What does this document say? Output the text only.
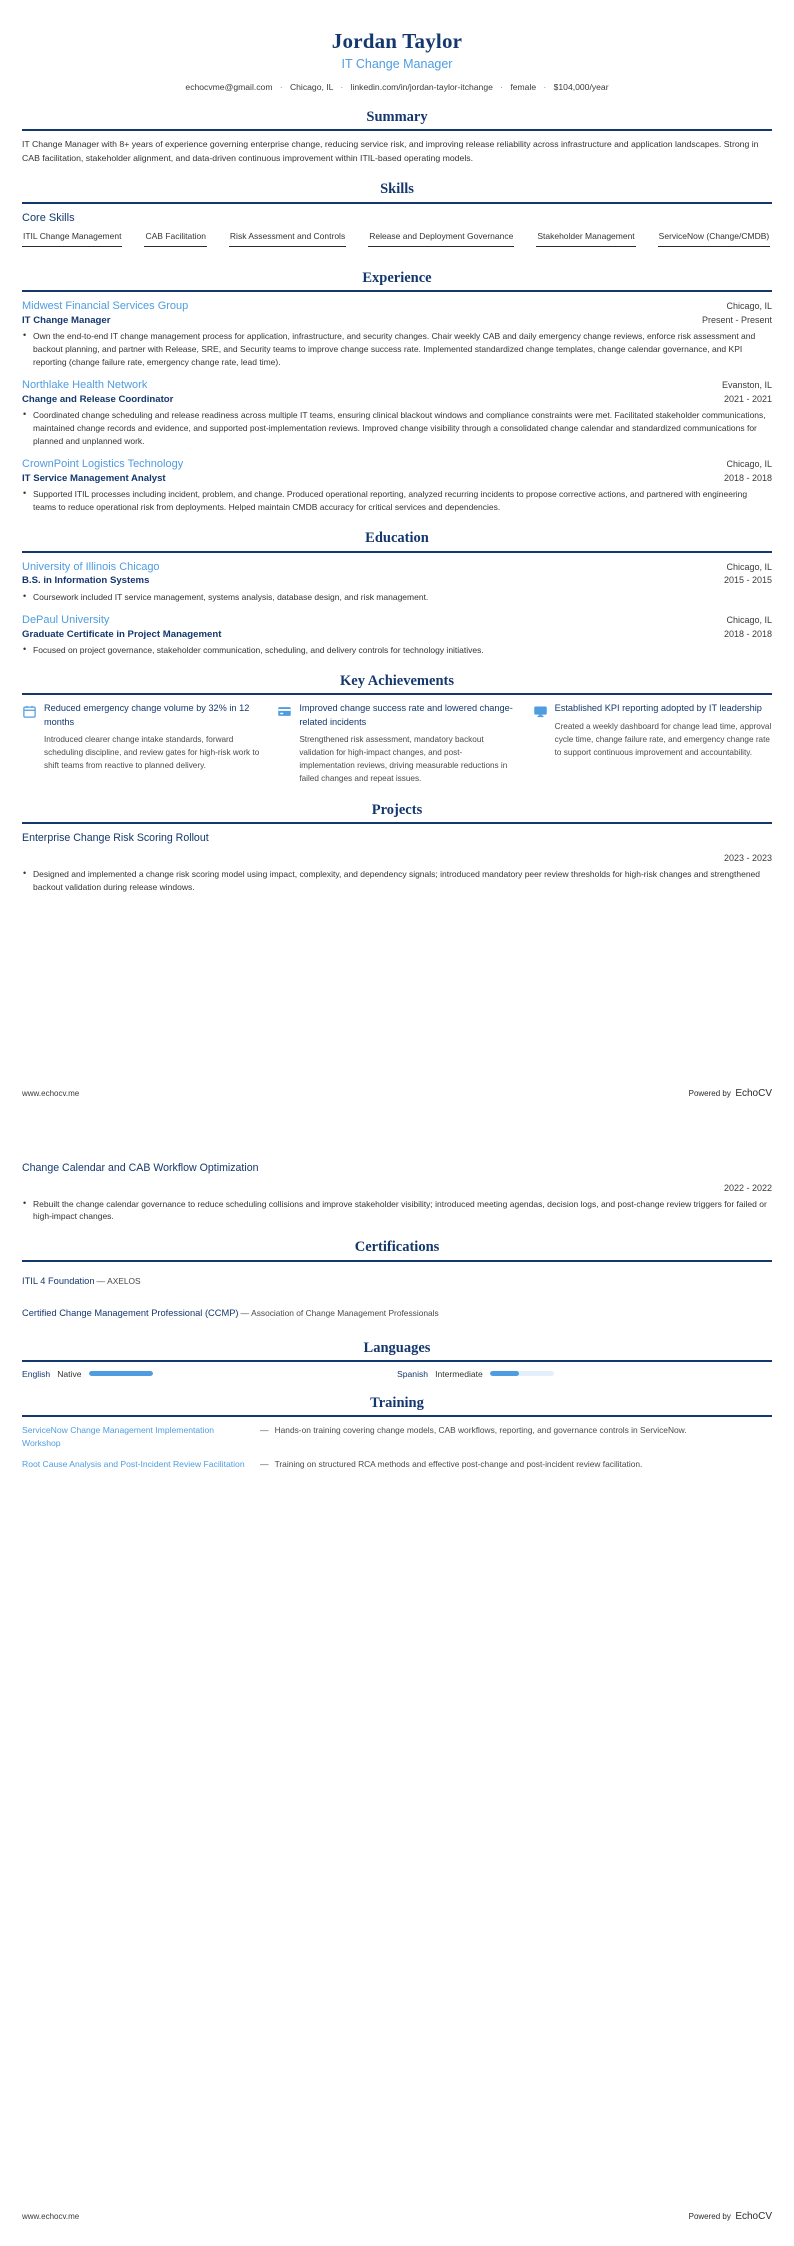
Jordan Taylor
IT Change Manager
echocvme@gmail.com · Chicago, IL · linkedin.com/in/jordan-taylor-itchange · female · $104,000/year
Summary
IT Change Manager with 8+ years of experience governing enterprise change, reducing service risk, and improving release reliability across infrastructure and application landscapes. Strong in CAB facilitation, stakeholder alignment, and data-driven continuous improvement within ITIL-based operating models.
Skills
Core Skills
ITIL Change Management	CAB Facilitation	Risk Assessment and Controls	Release and Deployment Governance	Stakeholder Management	ServiceNow (Change/CMDB)
Experience
Midwest Financial Services Group	Chicago, IL
IT Change Manager	Present - Present
• Own the end-to-end IT change management process for application, infrastructure, and security changes. Chair weekly CAB and daily emergency change reviews, enforce risk assessment and backout planning, and partner with Release, SRE, and Security teams to improve change success rate. Implemented standardized change templates, change calendar governance, and KPI reporting (change failure rate, emergency change rate, lead time).
Northlake Health Network	Evanston, IL
Change and Release Coordinator	2021 - 2021
• Coordinated change scheduling and release readiness across multiple IT teams, ensuring clinical blackout windows and compliance constraints were met. Facilitated stakeholder communications, maintained change records and evidence, and supported post-implementation reviews. Improved change visibility through a consolidated change calendar and standardized communications for planned and unplanned work.
CrownPoint Logistics Technology	Chicago, IL
IT Service Management Analyst	2018 - 2018
• Supported ITIL processes including incident, problem, and change. Produced operational reporting, analyzed recurring incidents to propose corrective actions, and partnered with engineering teams to reduce operational risk from deployments. Helped maintain CMDB accuracy for critical services and dependencies.
Education
University of Illinois Chicago	Chicago, IL
B.S. in Information Systems	2015 - 2015
• Coursework included IT service management, systems analysis, database design, and risk management.
DePaul University	Chicago, IL
Graduate Certificate in Project Management	2018 - 2018
• Focused on project governance, stakeholder communication, scheduling, and delivery controls for technology initiatives.
Key Achievements
Reduced emergency change volume by 32% in 12 months
Introduced clearer change intake standards, forward scheduling discipline, and review gates for high-risk work to shift teams from reactive to planned delivery.
Improved change success rate and lowered change-related incidents
Strengthened risk assessment, mandatory backout validation for high-impact changes, and post-implementation reviews, driving measurable reductions in failed changes and repeat issues.
Established KPI reporting adopted by IT leadership
Created a weekly dashboard for change lead time, approval cycle time, change failure rate, and emergency change rate to support continuous improvement and accountability.
Projects
Enterprise Change Risk Scoring Rollout
2023 - 2023
• Designed and implemented a change risk scoring model using impact, complexity, and dependency signals; introduced mandatory peer review thresholds for high-risk changes and strengthened backout validation during release windows.
www.echocv.me	Powered by EchoCV
Change Calendar and CAB Workflow Optimization
2022 - 2022
• Rebuilt the change calendar governance to reduce scheduling collisions and improve stakeholder visibility; introduced meeting agendas, decision logs, and post-change review triggers for failed or high-impact changes.
Certifications
ITIL 4 Foundation — AXELOS
Certified Change Management Professional (CCMP) — Association of Change Management Professionals
Languages
English Native	Spanish Intermediate
Training
ServiceNow Change Management Implementation Workshop
— Hands-on training covering change models, CAB workflows, reporting, and governance controls in ServiceNow.
Root Cause Analysis and Post-Incident Review Facilitation	— Training on structured RCA methods and effective post-change and post-incident review facilitation.
www.echocv.me	Powered by EchoCV
